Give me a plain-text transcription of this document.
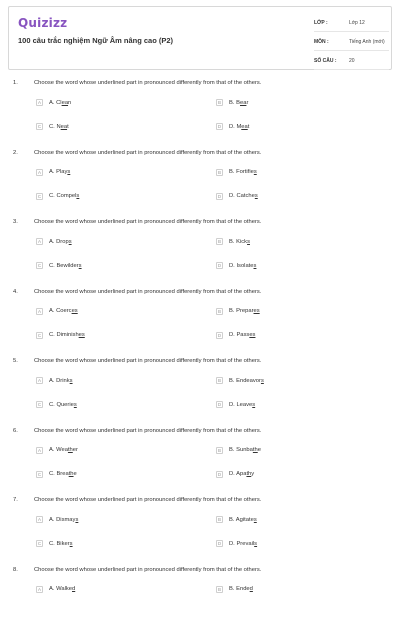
Quizizz
100 câu trắc nghiệm Ngữ Âm nâng cao (P2)
LỚP :	Lớp 12
MÔN :	Tiếng Anh (mới)
SỐ CÂU :	20
1.	Choose the word whose underlined part in pronounced differently from that of the others.
A	A. Clean	B	B. Bear
C	C. Neat	D	D. Meat
2.	Choose the word whose underlined part in pronounced differently from that of the others.
A	A. Plays	B	B. Fortifies
C	C. Compels	D	D. Catches
3.	Choose the word whose underlined part in pronounced differently from that of the others.
A	A. Drops	B	B. Kicks
C	C. Bewilders	D	D. Isolates
4.	Choose the word whose underlined part in pronounced differently from that of the others.
A	A. Coerces	B	B. Prepares
C	C. Diminishes	D	D. Passes
5.	Choose the word whose underlined part in pronounced differently from that of the others.
A	A. Drinks	B	B. Endeavors
C	C. Queries	D	D. Leaves
6.	Choose the word whose underlined part in pronounced differently from that of the others.
A	A. Weather	B	B. Sunbathe
C	C. Breathe	D	D. Apathy
7.	Choose the word whose underlined part in pronounced differently from that of the others.
A	A. Dismays	B	B. Agitates
C	C. Bikers	D	D. Prevails
8.	Choose the word whose underlined part in pronounced differently from that of the others.
A	A. Walked	B	B. Ended
